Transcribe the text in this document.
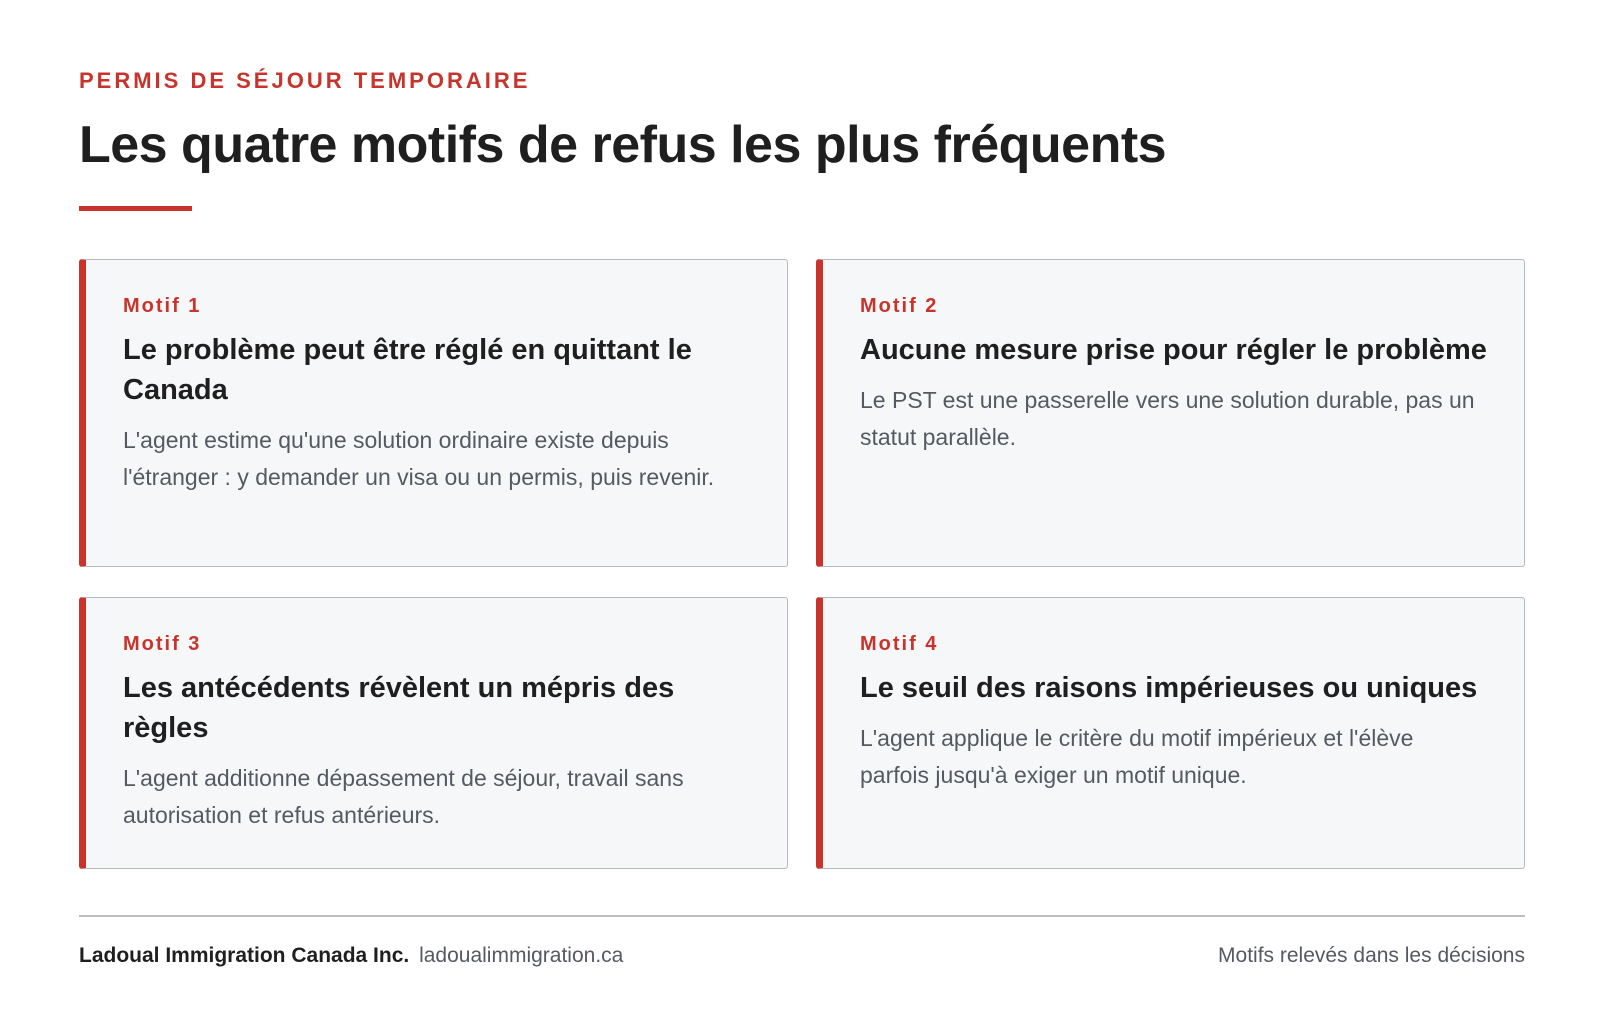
PERMIS DE SÉJOUR TEMPORAIRE
Les quatre motifs de refus les plus fréquents

Motif 1

Le problème peut être réglé en quittant le Canada

L'agent estime qu'une solution ordinaire existe depuis l'étranger : y demander un visa ou un permis, puis revenir.

Motif 2

Aucune mesure prise pour régler le problème

Le PST est une passerelle vers une solution durable, pas un statut parallèle.

Motif 3

Les antécédents révèlent un mépris des règles

L'agent additionne dépassement de séjour, travail sans autorisation et refus antérieurs.

Motif 4

Le seuil des raisons impérieuses ou uniques

L'agent applique le critère du motif impérieux et l'élève parfois jusqu'à exiger un motif unique.

Ladoual Immigration Canada Inc. ladoualimmigration.ca	Motifs relevés dans les décisions
